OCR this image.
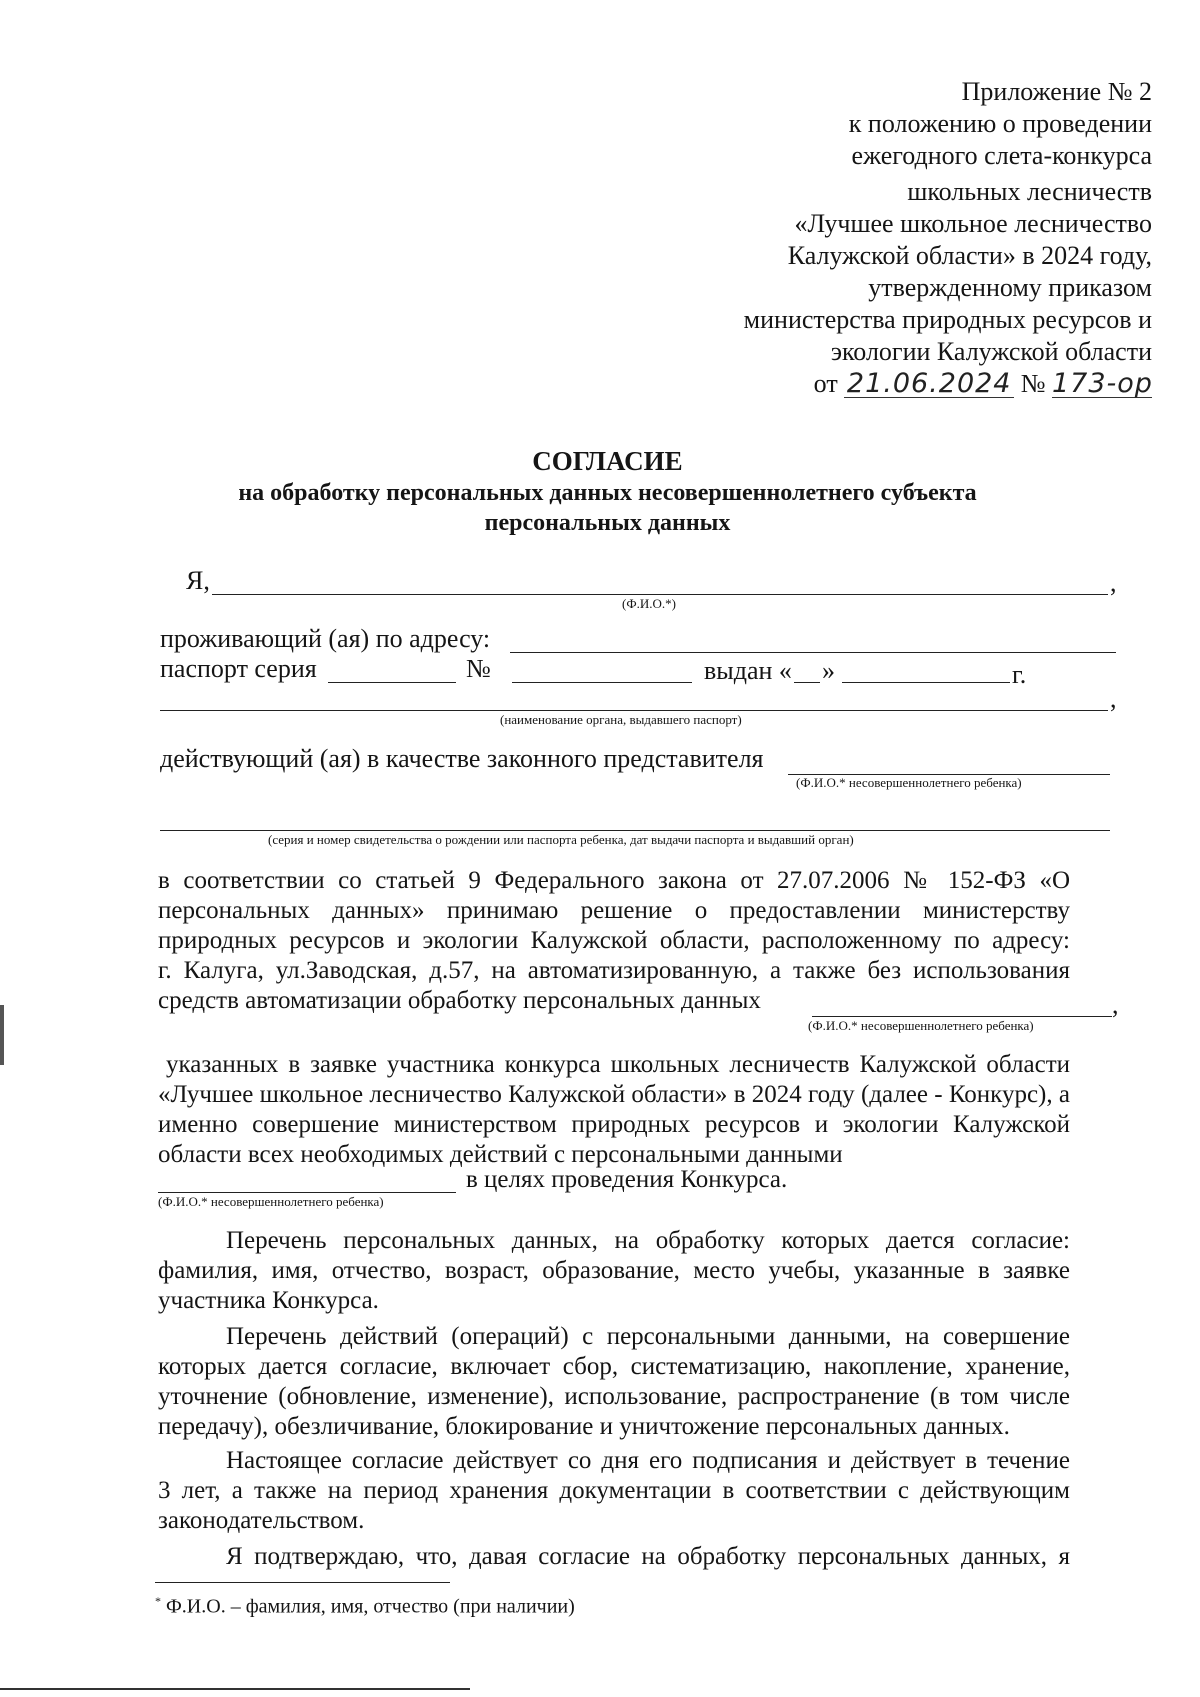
Приложение № 2
к положению о проведении
ежегодного слета-конкурса
школьных лесничеств
«Лучшее школьное лесничество
Калужской области» в 2024 году,
утвержденному приказом
министерства природных ресурсов и
экологии Калужской области
от 21.06.2024 № 173-ор
СОГЛАСИЕ
на обработку персональных данных несовершеннолетнего субъекта
персональных данных
Я,	,
(Ф.И.О.*)
проживающий (ая) по адресу:
паспорт серия	№	выдан « »	г.
,
(наименование органа, выдавшего паспорт)
действующий (ая) в качестве законного представителя
(Ф.И.О.* несовершеннолетнего ребенка)
(серия и номер свидетельства о рождении или паспорта ребенка, дат выдачи паспорта и выдавший орган)
в соответствии со статьей 9 Федерального закона от 27.07.2006 № 152-ФЗ «О
персональных данных» принимаю решение о предоставлении министерству
природных ресурсов и экологии Калужской области, расположенному по адресу:
г. Калуга, ул.Заводская, д.57, на автоматизированную, а также без использования
средств автоматизации обработку персональных данных	,
(Ф.И.О.* несовершеннолетнего ребенка)
указанных в заявке участника конкурса школьных лесничеств Калужской области
«Лучшее школьное лесничество Калужской области» в 2024 году (далее - Конкурс), а
именно совершение министерством природных ресурсов и экологии Калужской
области всех необходимых действий с персональными данными
в целях проведения Конкурса.
(Ф.И.О.* несовершеннолетнего ребенка)
Перечень персональных данных, на обработку которых дается согласие:
фамилия, имя, отчество, возраст, образование, место учебы, указанные в заявке
участника Конкурса.
Перечень действий (операций) с персональными данными, на совершение
которых дается согласие, включает сбор, систематизацию, накопление, хранение,
уточнение (обновление, изменение), использование, распространение (в том числе
передачу), обезличивание, блокирование и уничтожение персональных данных.
Настоящее согласие действует со дня его подписания и действует в течение
3 лет, а также на период хранения документации в соответствии с действующим
законодательством.
Я подтверждаю, что, давая согласие на обработку персональных данных, я
* Ф.И.О. – фамилия, имя, отчество (при наличии)
